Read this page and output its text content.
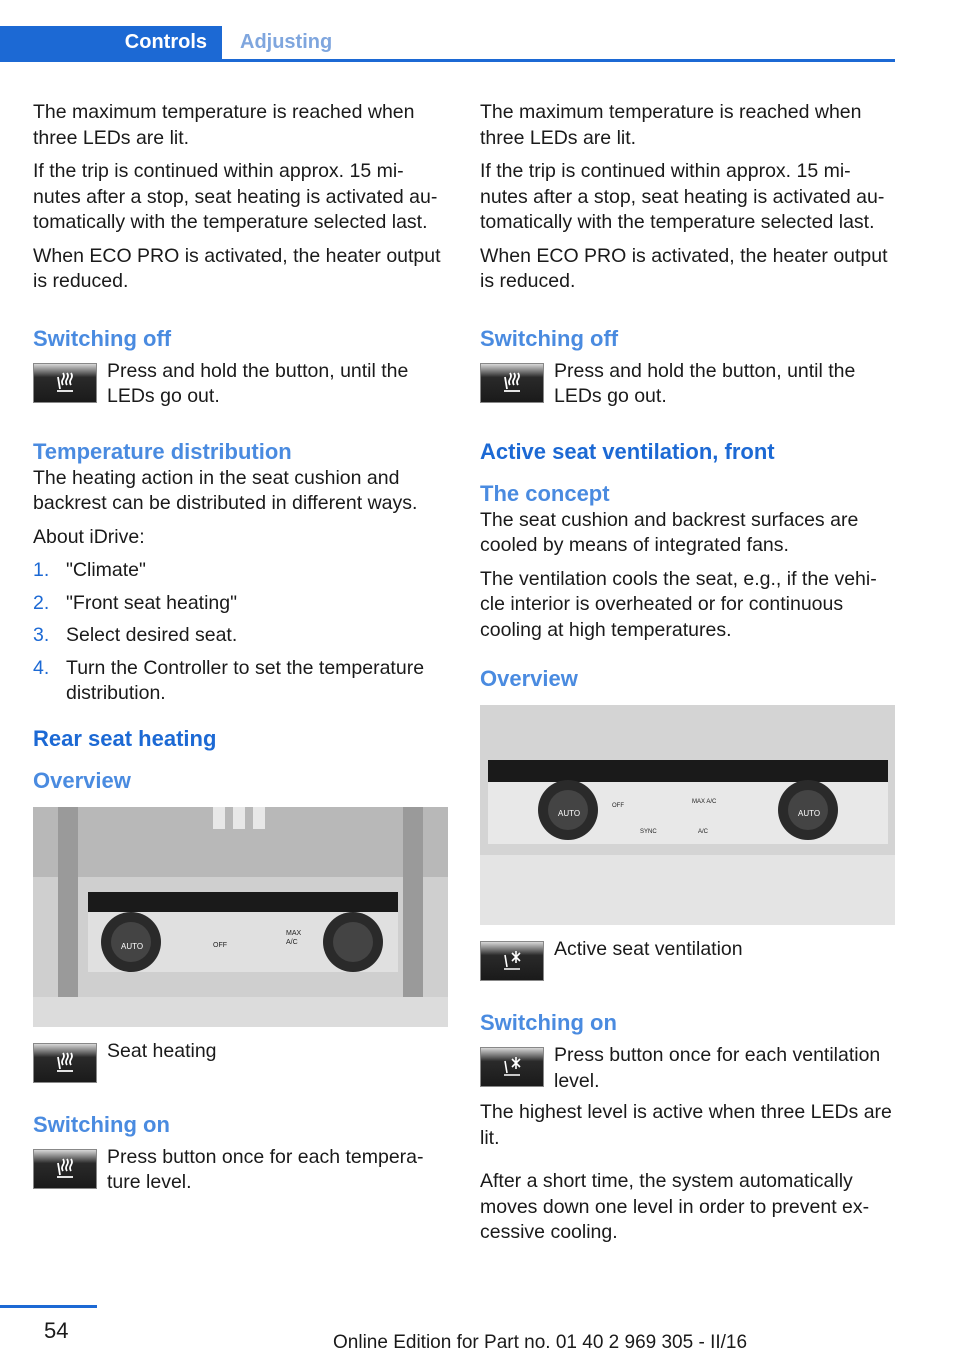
Controls	Adjusting

The maximum temperature is reached when three LEDs are lit.

If the trip is continued within approx. 15 mi‐nutes after a stop, seat heating is activated au‐tomatically with the temperature selected last.

When ECO PRO is activated, the heater output is reduced.

Switching off
Press and hold the button, until the LEDs go out.
Temperature distribution

The heating action in the seat cushion and backrest can be distributed in different ways.

About iDrive:

1. "Climate"
2. "Front seat heating"
3. Select desired seat.
4. Turn the Controller to set the temperature distribution.
Rear seat heating
Overview
AUTO	OFF
MAX
A/C
Seat heating
Switching on
Press button once for each tempera‐ture level.

The maximum temperature is reached when three LEDs are lit.

If the trip is continued within approx. 15 mi‐nutes after a stop, seat heating is activated au‐tomatically with the temperature selected last.

When ECO PRO is activated, the heater output is reduced.

Switching off
Press and hold the button, until the LEDs go out.
Active seat ventilation, front
The concept

The seat cushion and backrest surfaces are cooled by means of integrated fans.

The ventilation cools the seat, e.g., if the vehi‐cle interior is overheated or for continuous cooling at high temperatures.

Overview
AUTO	AUTO
OFF
MAX A/C
SYNC	A/C
Active seat ventilation
Switching on
Press button once for each ventilation level.

The highest level is active when three LEDs are lit.

After a short time, the system automatically moves down one level in order to prevent ex‐cessive cooling.

54	Online Edition for Part no. 01 40 2 969 305 - II/16
